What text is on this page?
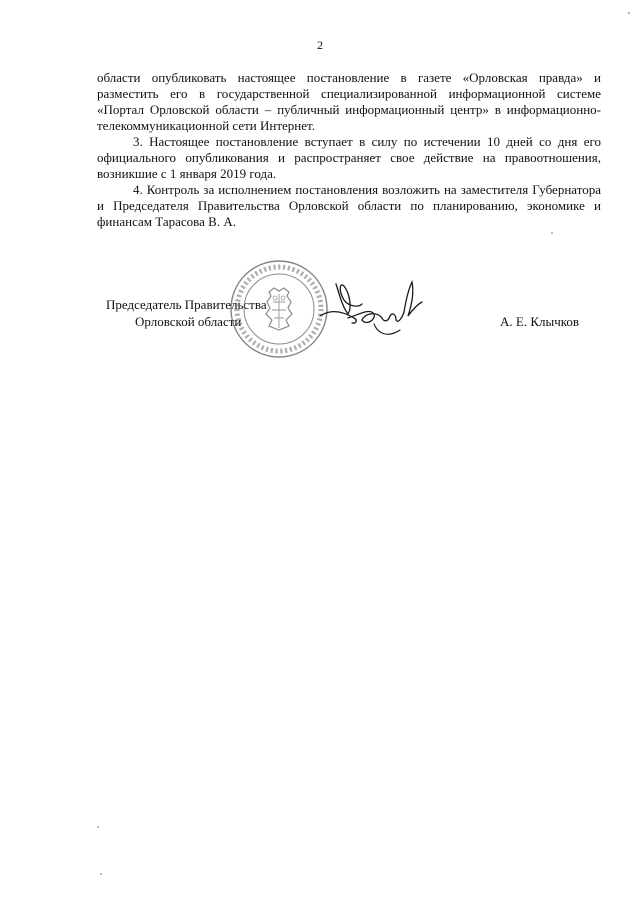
2

области опубликовать настоящее постановление в газете «Орловская правда» и разместить его в государственной специализированной информационной системе «Портал Орловской области – публичный информационный центр» в информационно-телекоммуникационной сети Интернет.

3. Настоящее постановление вступает в силу по истечении 10 дней со дня его официального опубликования и распространяет свое действие на правоотношения, возникшие с 1 января 2019 года.

4. Контроль за исполнением постановления возложить на заместителя Губернатора и Председателя Правительства Орловской области по планированию, экономике и финансам Тарасова В. А.

Председатель Правительства
Орловской области	А. Е. Клычков
